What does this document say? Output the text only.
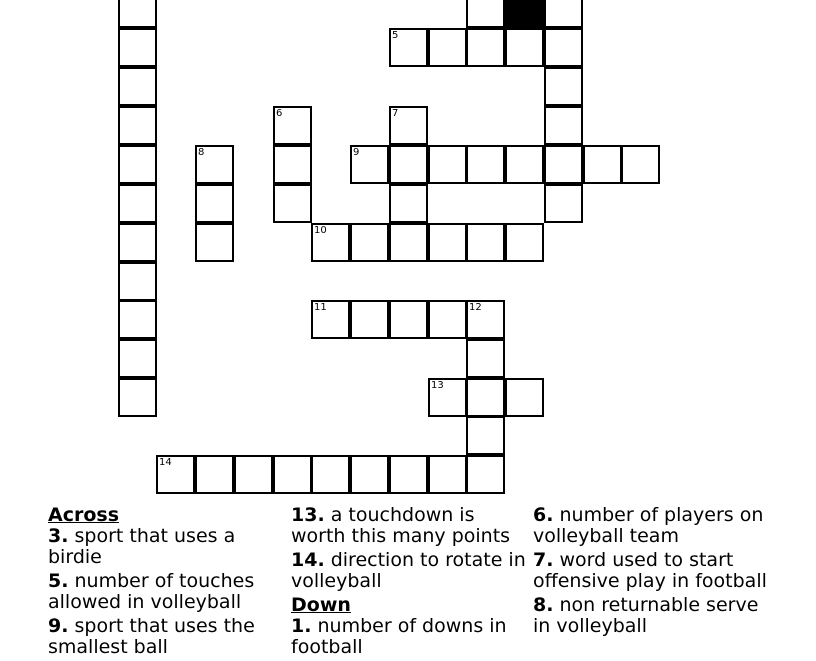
5
6	7
8	9
10
11	12
13
14
Across
3. sport that uses a birdie
5. number of touches allowed in volleyball
9. sport that uses the smallest ball
13. a touchdown is worth this many points
14. direction to rotate in volleyball
Down
1. number of downs in football
6. number of players on volleyball team
7. word used to start offensive play in football
8. non returnable serve in volleyball
